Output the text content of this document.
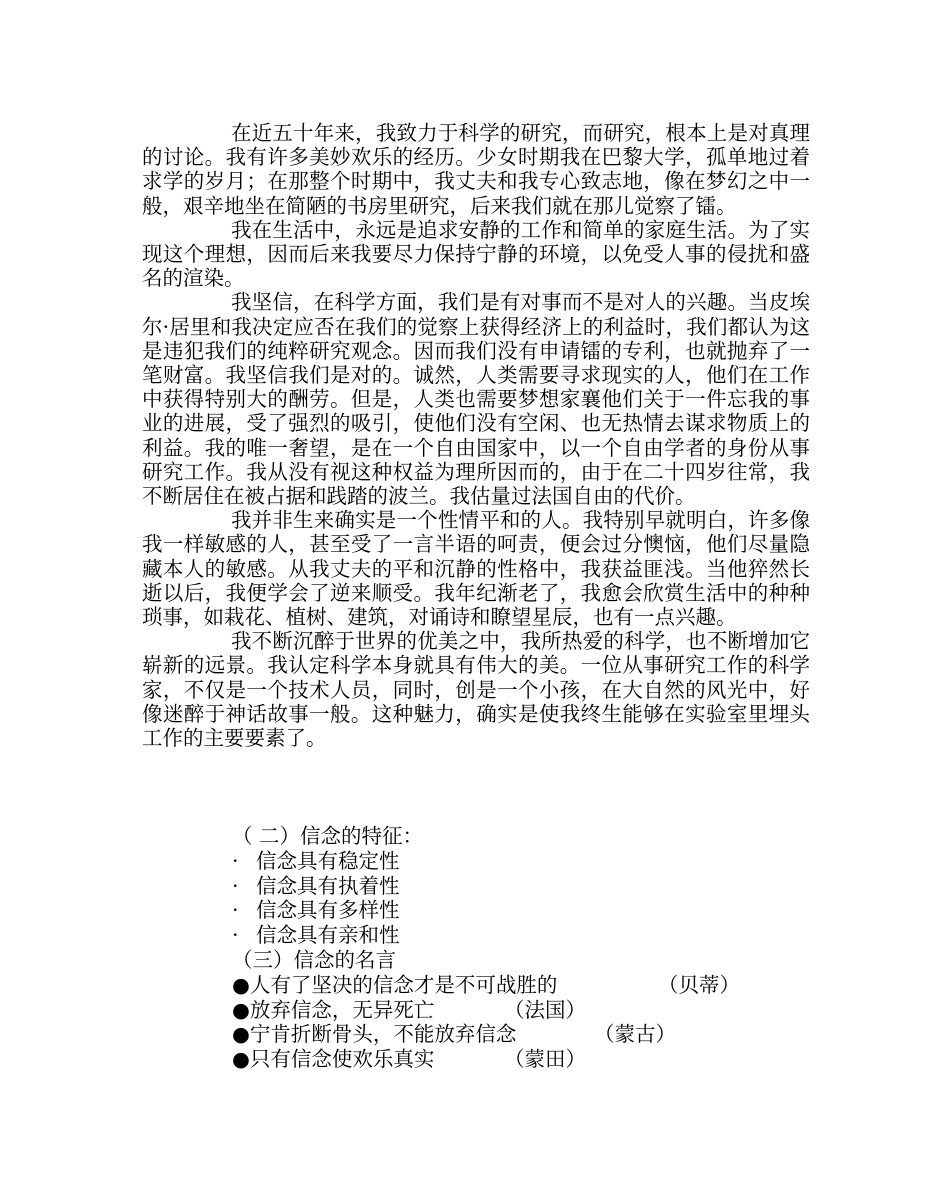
在近五十年来，我致力于科学的研究，而研究，根本上是对真理的讨论。我有许多美妙欢乐的经历。少女时期我在巴黎大学，孤单地过着求学的岁月；在那整个时期中，我丈夫和我专心致志地，像在梦幻之中一般，艰辛地坐在简陋的书房里研究，后来我们就在那儿觉察了镭。

我在生活中，永远是追求安静的工作和简单的家庭生活。为了实现这个理想，因而后来我要尽力保持宁静的环境，以免受人事的侵扰和盛名的渲染。

我坚信，在科学方面，我们是有对事而不是对人的兴趣。当皮埃尔·居里和我决定应否在我们的觉察上获得经济上的利益时，我们都认为这是违犯我们的纯粹研究观念。因而我们没有申请镭的专利，也就抛弃了一笔财富。我坚信我们是对的。诚然，人类需要寻求现实的人，他们在工作中获得特别大的酬劳。但是，人类也需要梦想家襄他们关于一件忘我的事业的进展，受了强烈的吸引，使他们没有空闲、也无热情去谋求物质上的利益。我的唯一奢望，是在一个自由国家中，以一个自由学者的身份从事研究工作。我从没有视这种权益为理所因而的，由于在二十四岁往常，我不断居住在被占据和践踏的波兰。我估量过法国自由的代价。

我并非生来确实是一个性情平和的人。我特别早就明白，许多像我一样敏感的人，甚至受了一言半语的呵责，便会过分懊恼，他们尽量隐藏本人的敏感。从我丈夫的平和沉静的性格中，我获益匪浅。当他猝然长逝以后，我便学会了逆来顺受。我年纪渐老了，我愈会欣赏生活中的种种琐事，如栽花、植树、建筑，对诵诗和瞭望星辰，也有一点兴趣。

我不断沉醉于世界的优美之中，我所热爱的科学，也不断增加它崭新的远景。我认定科学本身就具有伟大的美。一位从事研究工作的科学家，不仅是一个技术人员，同时，创是一个小孩，在大自然的风光中，好像迷醉于神话故事一般。这种魅力，确实是使我终生能够在实验室里埋头工作的主要要素了。

（ 二）信念的特征：
· 信念具有稳定性
· 信念具有执着性
· 信念具有多样性
· 信念具有亲和性
（三）信念的名言
●人有了坚决的信念才是不可战胜的	（贝蒂）
●放弃信念，无异死亡	（法国）
●宁肯折断骨头，不能放弃信念	（蒙古）
●只有信念使欢乐真实	（蒙田）
